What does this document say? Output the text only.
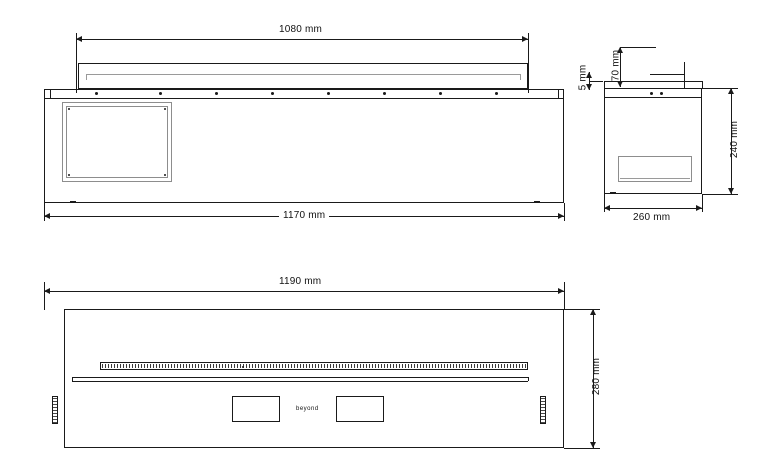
1080 mm
1170 mm
70 mm
5 mm
240 mm
260 mm
1190 mm
beyond
280 mm
